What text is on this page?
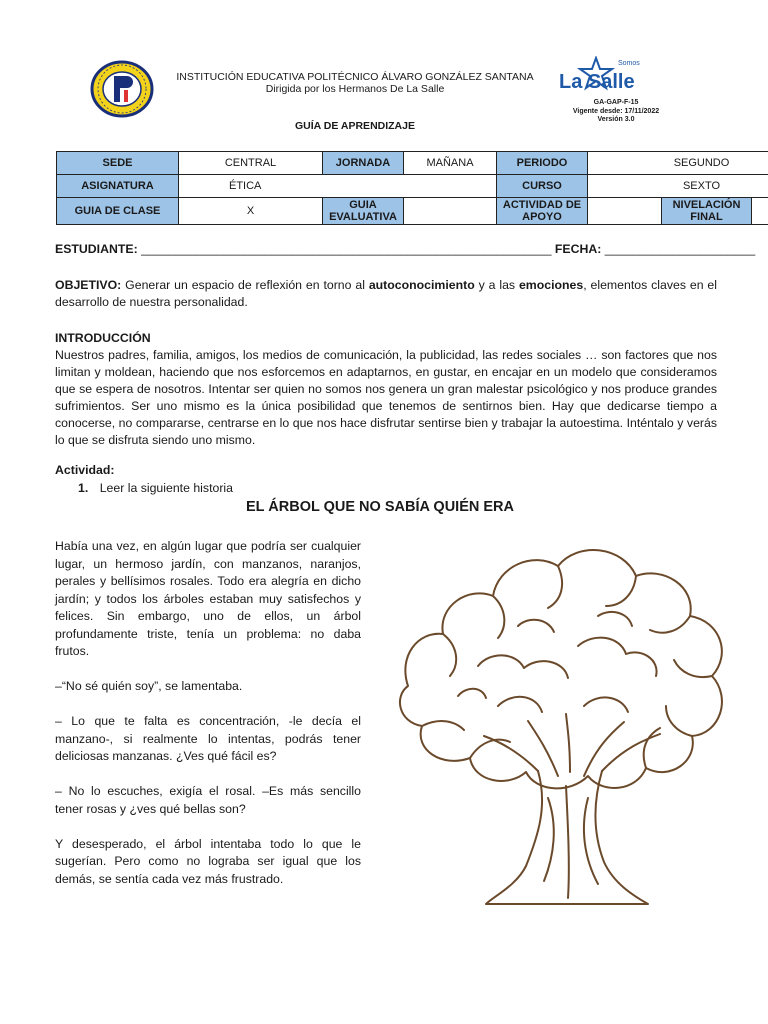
INSTITUCIÓN EDUCATIVA POLITÉCNICO ÁLVARO GONZÁLEZ SANTANA
Dirigida por los Hermanos De La Salle
Somos
La Salle
GA-GAP-F-15
Vigente desde: 17/11/2022
Versión 3.0
GUÍA DE APRENDIZAJE
SEDE	CENTRAL	JORNADA	MAÑANA	PERIODO	SEGUNDO		
ASIGNATURA	ÉTICA			CURSO	SEXTO		
GUIA DE CLASE	X	GUIA EVALUATIVA		ACTIVIDAD DE APOYO		NIVELACIÓN FINAL	
ESTUDIANTE: ____________________________________________________________ FECHA: ______________________
OBJETIVO: Generar un espacio de reflexión en torno al autoconocimiento y a las emociones, elementos claves en el desarrollo de nuestra personalidad.
INTRODUCCIÓN
Nuestros padres, familia, amigos, los medios de comunicación, la publicidad, las redes sociales … son factores que nos limitan y moldean, haciendo que nos esforcemos en adaptarnos, en gustar, en encajar en un modelo que consideramos que se espera de nosotros. Intentar ser quien no somos nos genera un gran malestar psicológico y nos produce grandes sufrimientos. Ser uno mismo es la única posibilidad que tenemos de sentirnos bien. Hay que dedicarse tiempo a conocerse, no compararse, centrarse en lo que nos hace disfrutar sentirse bien y trabajar la autoestima. Inténtalo y verás lo que se disfruta siendo uno mismo.
Actividad:
1. Leer la siguiente historia
EL ÁRBOL QUE NO SABÍA QUIÉN ERA

Había una vez, en algún lugar que podría ser cualquier lugar, un hermoso jardín, con manzanos, naranjos, perales y bellísimos rosales. Todo era alegría en dicho jardín; y todos los árboles estaban muy satisfechos y felices. Sin embargo, uno de ellos, un árbol profundamente triste, tenía un problema: no daba frutos.

–“No sé quién soy”, se lamentaba.

– Lo que te falta es concentración, -le decía el manzano-, si realmente lo intentas, podrás tener deliciosas manzanas. ¿Ves qué fácil es?

– No lo escuches, exigía el rosal. –Es más sencillo tener rosas y ¿ves qué bellas son?

Y desesperado, el árbol intentaba todo lo que le sugerían. Pero como no lograba ser igual que los demás, se sentía cada vez más frustrado.
